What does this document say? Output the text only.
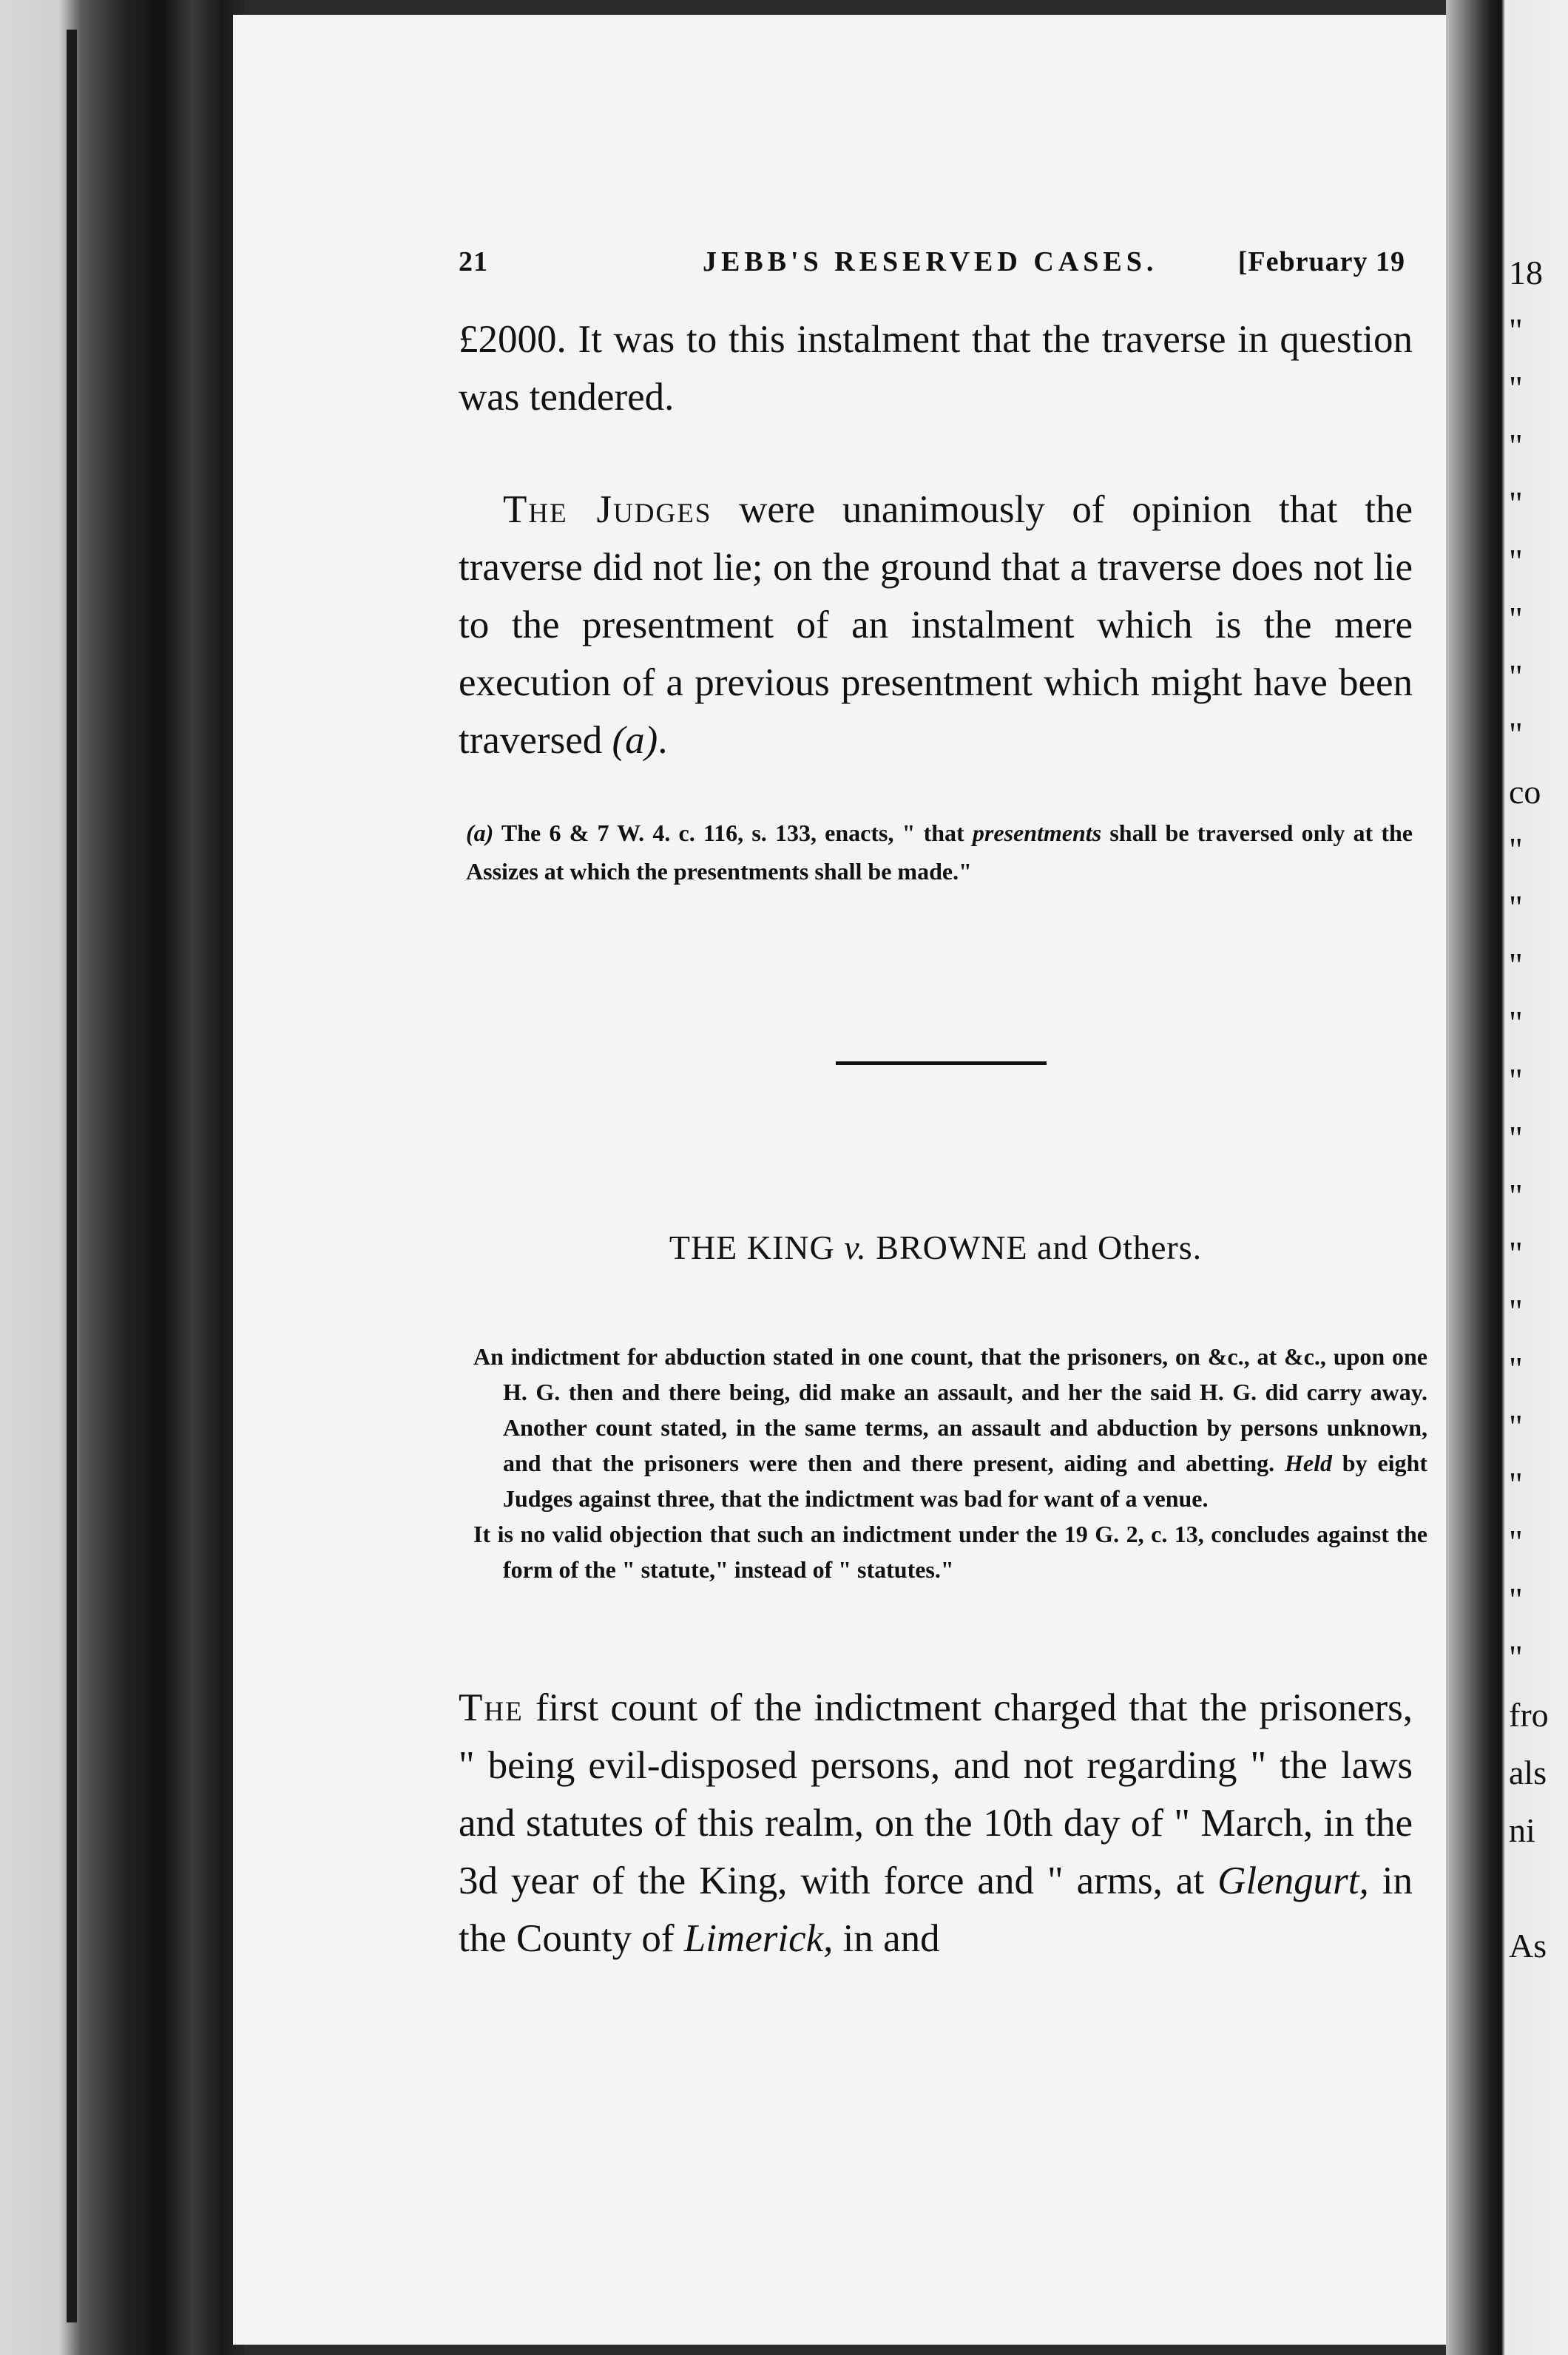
18
"
"
"
"
"
"
"
"
co
"
"
"
"
"
"
"
"
"
"
"
"
"
"
"
fro
als
ni
As
21	JEBB'S RESERVED CASES.	[February 19
£2000. It was to this instalment that the traverse in question was tendered.
The Judges were unanimously of opinion that the traverse did not lie; on the ground that a traverse does not lie to the presentment of an instalment which is the mere execution of a previous presentment which might have been traversed (a).
(a) The 6 & 7 W. 4. c. 116, s. 133, enacts, " that presentments shall be traversed only at the Assizes at which the presentments shall be made."
THE KING v. BROWNE and Others.

An indictment for abduction stated in one count, that the prisoners, on &c., at &c., upon one H. G. then and there being, did make an assault, and her the said H. G. did carry away. Another count stated, in the same terms, an assault and abduction by persons unknown, and that the prisoners were then and there present, aiding and abetting. Held by eight Judges against three, that the indictment was bad for want of a venue.

It is no valid objection that such an indictment under the 19 G. 2, c. 13, concludes against the form of the " statute," instead of " statutes."

The first count of the indictment charged that the prisoners, " being evil-disposed persons, and not regarding " the laws and statutes of this realm, on the 10th day of " March, in the 3d year of the King, with force and " arms, at Glengurt, in the County of Limerick, in and
